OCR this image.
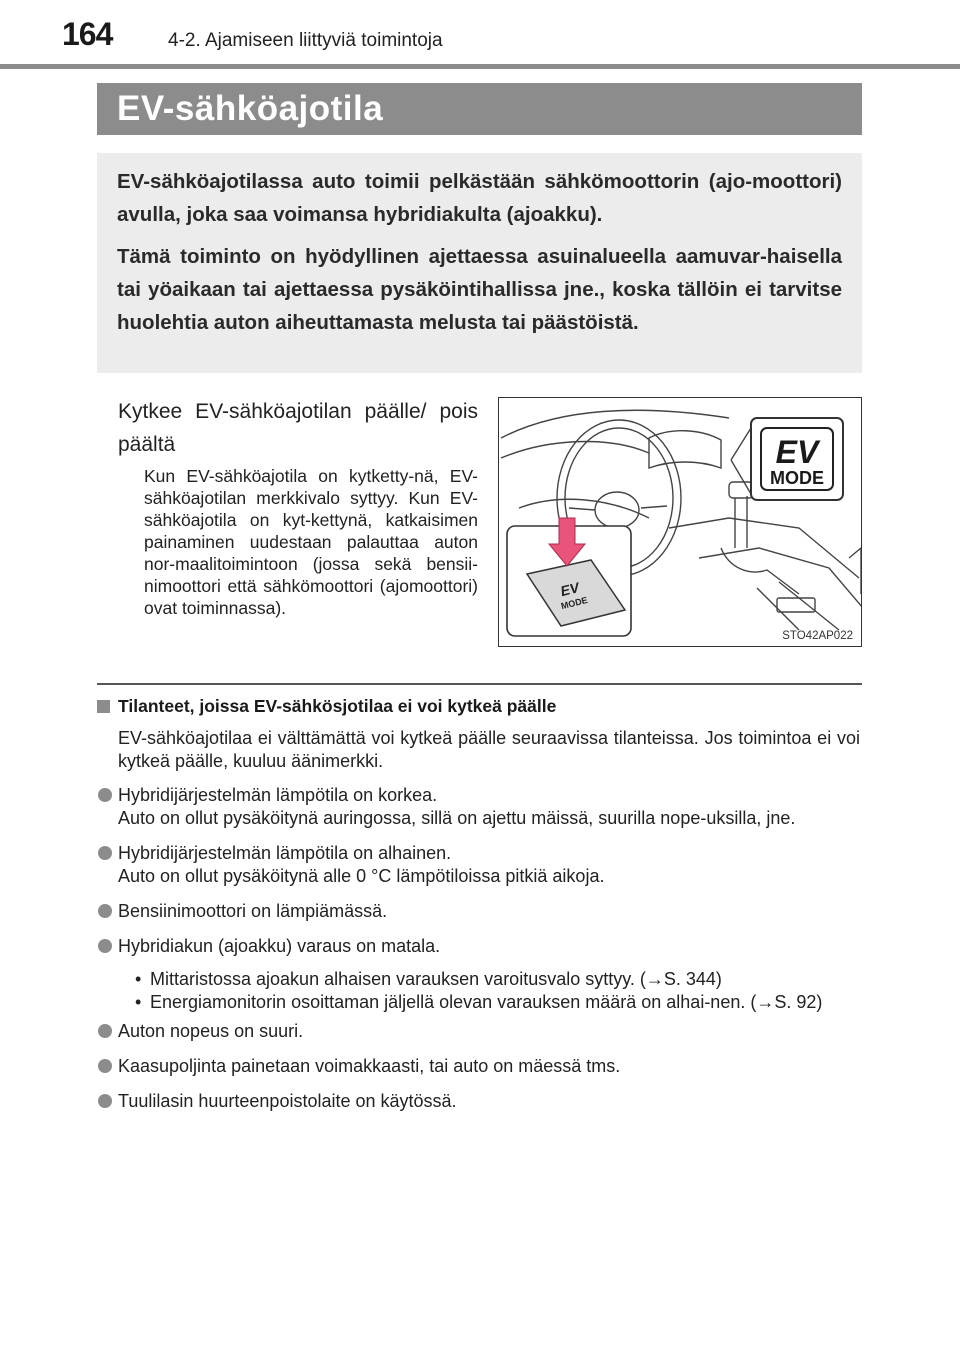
164	4-2. Ajamiseen liittyviä toimintoja
EV-sähköajotila

EV-sähköajotilassa auto toimii pelkästään sähkömoottorin (ajo-moottori) avulla, joka saa voimansa hybridiakulta (ajoakku).

Tämä toiminto on hyödyllinen ajettaessa asuinalueella aamuvar-haisella tai yöaikaan tai ajettaessa pysäköintihallissa jne., koska tällöin ei tarvitse huolehtia auton aiheuttamasta melusta tai päästöistä.

Kytkee EV-sähköajotilan päälle/ pois päältä
Kun EV-sähköajotila on kytketty-nä, EV-sähköajotilan merkkivalo syttyy. Kun EV-sähköajotila on kyt-kettynä, katkaisimen painaminen uudestaan palauttaa auton nor-maalitoimintoon (jossa sekä bensii-nimoottori että sähkömoottori (ajomoottori) ovat toiminnassa).
EV
MODE
EV
MODE
STO42AP022
Tilanteet, joissa EV-sähkösjotilaa ei voi kytkeä päälle
EV-sähköajotilaa ei välttämättä voi kytkeä päälle seuraavissa tilanteissa. Jos toimintoa ei voi kytkeä päälle, kuuluu äänimerkki.
Hybridijärjestelmän lämpötila on korkea.
Auto on ollut pysäköitynä auringossa, sillä on ajettu mäissä, suurilla nope-uksilla, jne.
Hybridijärjestelmän lämpötila on alhainen.
Auto on ollut pysäköitynä alle 0 °C lämpötiloissa pitkiä aikoja.
Bensiinimoottori on lämpiämässä.
Hybridiakun (ajoakku) varaus on matala.
• Mittaristossa ajoakun alhaisen varauksen varoitusvalo syttyy. (→S. 344)
• Energiamonitorin osoittaman jäljellä olevan varauksen määrä on alhai-nen. (→S. 92)
Auton nopeus on suuri.
Kaasupoljinta painetaan voimakkaasti, tai auto on mäessä tms.
Tuulilasin huurteenpoistolaite on käytössä.
